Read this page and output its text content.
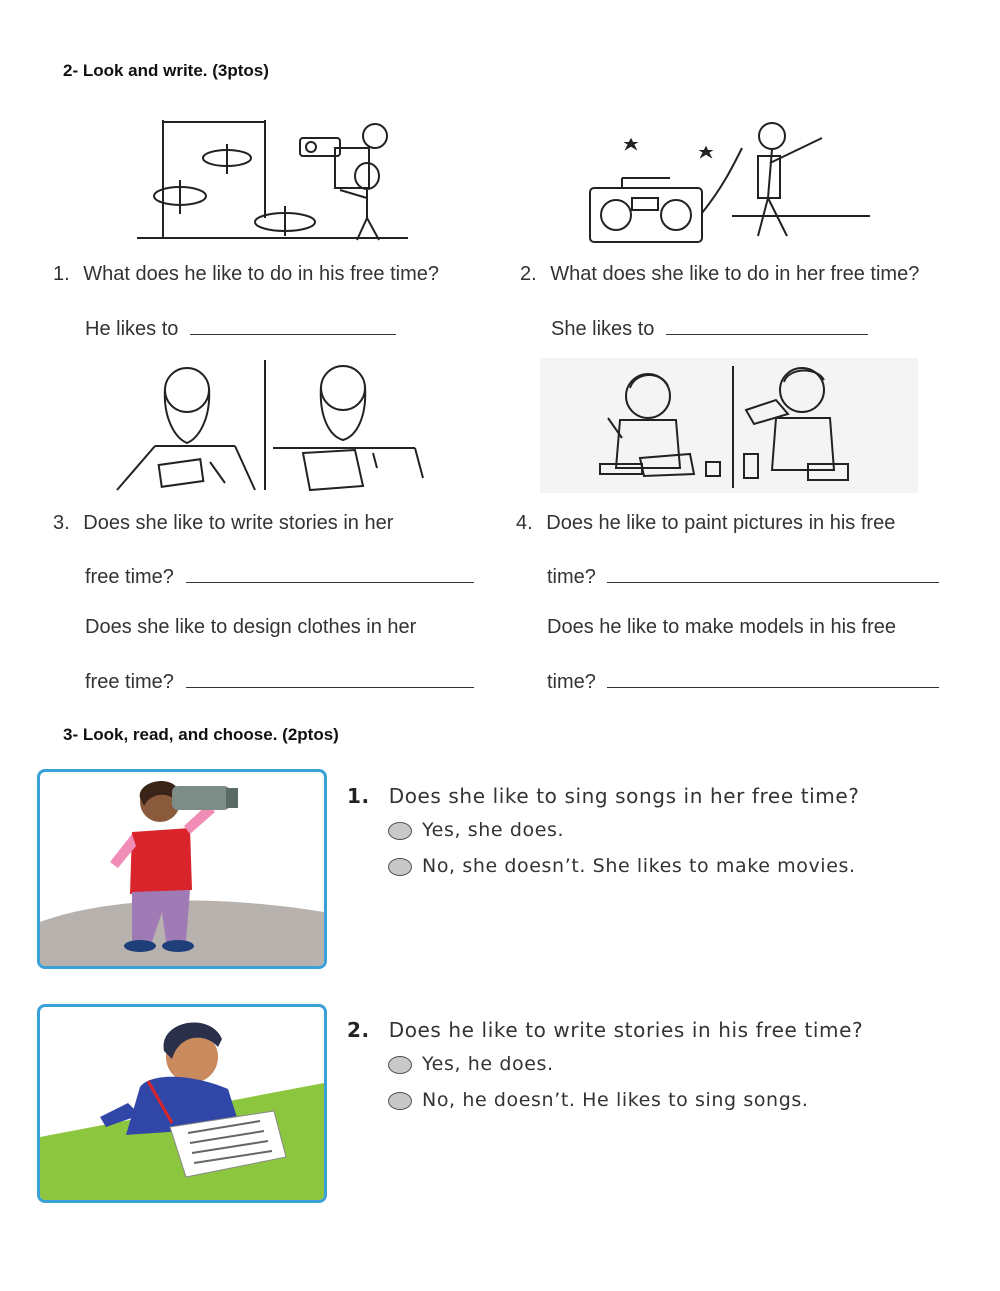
2- Look and write. (3ptos)
1. What does he like to do in his free time?
He likes to
2. What does she like to do in her free time?
She likes to
3. Does she like to write stories in her
free time?
Does she like to design clothes in her
free time?
4. Does he like to paint pictures in his free
time?
Does he like to make models in his free
time?
3- Look, read, and choose. (2ptos)
1. Does she like to sing songs in her free time?
Yes, she does.
No, she doesn’t. She likes to make movies.
2. Does he like to write stories in his free time?
Yes, he does.
No, he doesn’t. He likes to sing songs.
